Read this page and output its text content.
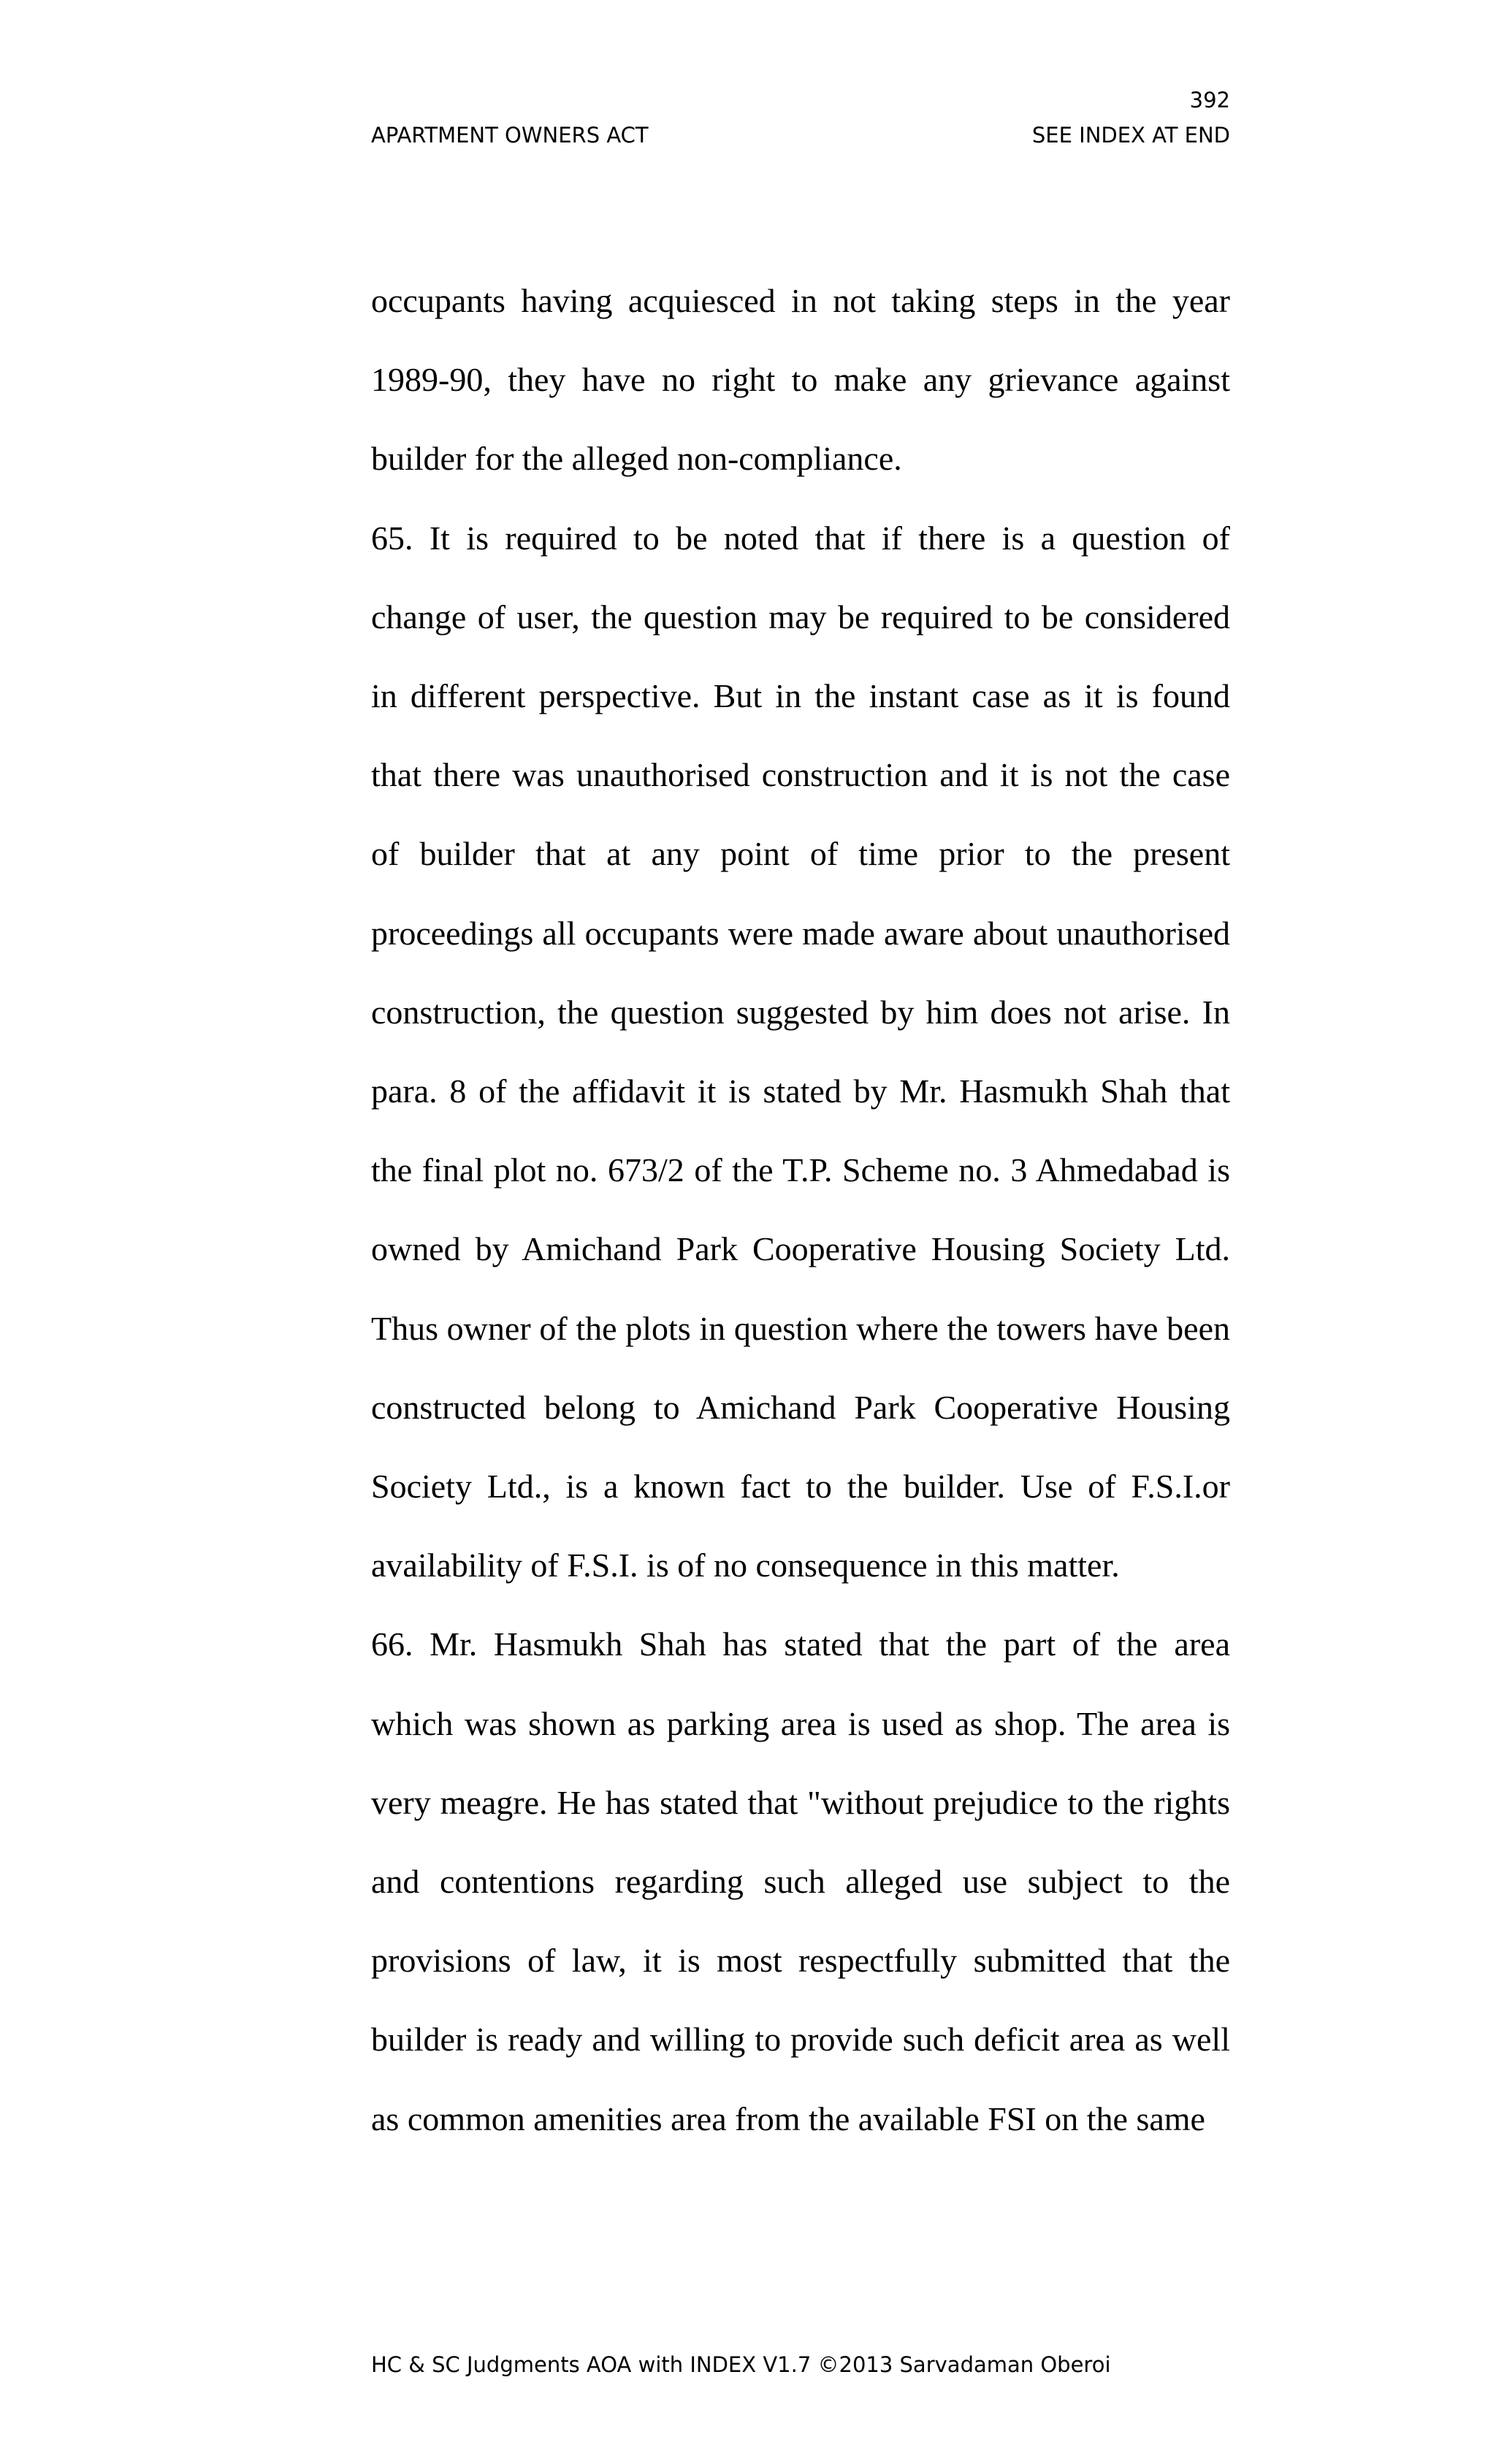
392
APARTMENT OWNERS ACT	SEE INDEX AT END

occupants having acquiesced in not taking steps in the year 1989-90, they have no right to make any grievance against builder for the alleged non-compliance.

65. It is required to be noted that if there is a question of change of user, the question may be required to be considered in different perspective. But in the instant case as it is found that there was unauthorised construction and it is not the case of builder that at any point of time prior to the present proceedings all occupants were made aware about unauthorised construction, the question suggested by him does not arise. In para. 8 of the affidavit it is stated by Mr. Hasmukh Shah that the final plot no. 673/2 of the T.P. Scheme no. 3 Ahmedabad is owned by Amichand Park Cooperative Housing Society Ltd. Thus owner of the plots in question where the towers have been constructed belong to Amichand Park Cooperative Housing Society Ltd., is a known fact to the builder. Use of F.S.I.or availability of F.S.I. is of no consequence in this matter.

66. Mr. Hasmukh Shah has stated that the part of the area which was shown as parking area is used as shop. The area is very meagre. He has stated that "without prejudice to the rights and contentions regarding such alleged use subject to the provisions of law, it is most respectfully submitted that the builder is ready and willing to provide such deficit area as well as common amenities area from the available FSI on the same

HC & SC Judgments AOA with INDEX V1.7 ©2013 Sarvadaman Oberoi
